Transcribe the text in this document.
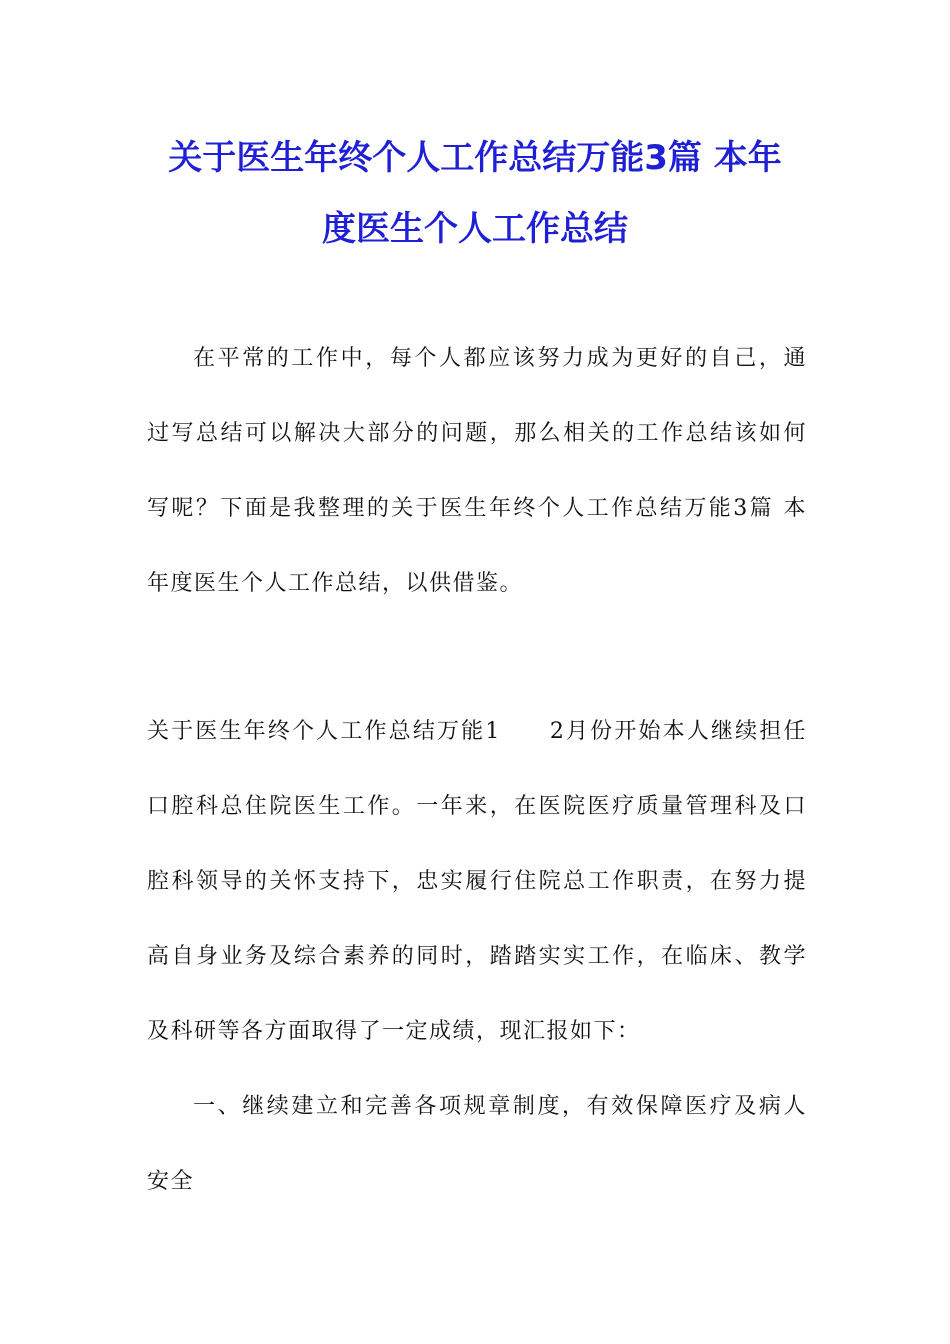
关于医生年终个人工作总结万能3篇 本年
度医生个人工作总结
在平常的工作中，每个人都应该努力成为更好的自己，通
过写总结可以解决大部分的问题，那么相关的工作总结该如何
写呢？下面是我整理的关于医生年终个人工作总结万能3篇 本
年度医生个人工作总结，以供借鉴。
关于医生年终个人工作总结万能1　　2月份开始本人继续担任
口腔科总住院医生工作。一年来，在医院医疗质量管理科及口
腔科领导的关怀支持下，忠实履行住院总工作职责，在努力提
高自身业务及综合素养的同时，踏踏实实工作，在临床、教学
及科研等各方面取得了一定成绩，现汇报如下：
一、继续建立和完善各项规章制度，有效保障医疗及病人
安全
